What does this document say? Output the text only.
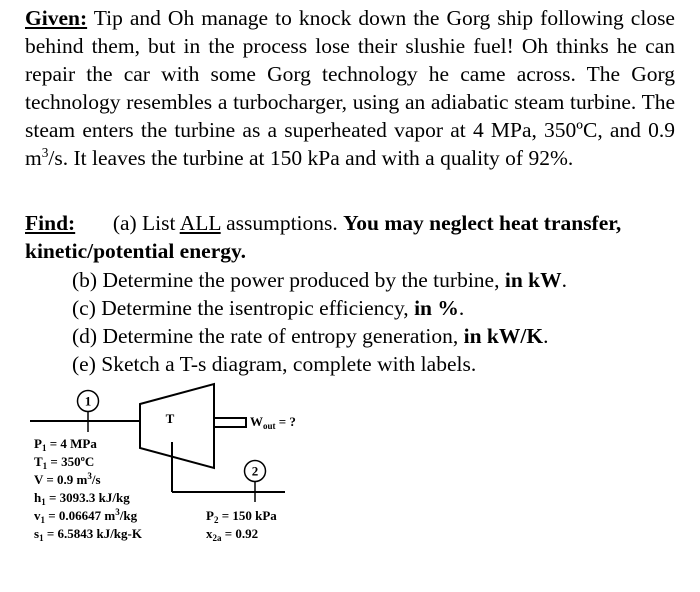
Given: Tip and Oh manage to knock down the Gorg ship following close behind them, but in the process lose their slushie fuel! Oh thinks he can repair the car with some Gorg technology he came across. The Gorg technology resembles a turbocharger, using an adiabatic steam turbine. The steam enters the turbine as a superheated vapor at 4 MPa, 350ºC, and 0.9 $m^3/s$. It leaves the turbine at 150 kPa and with a quality of 92%.
Find: (a) List ALL assumptions. You may neglect heat transfer, kinetic/potential energy.
(b) Determine the power produced by the turbine, in kW.
(c) Determine the isentropic efficiency, in %.
(d) Determine the rate of entropy generation, in kW/K.
(e) Sketch a T-s diagram, complete with labels.
1
T	$W_{out}$ = ?
2
$P_1 = 4$ MPa
$T_1$ = 350ºC
V = 0.9 $m^3/s$
$h_1 = 3093.3$ kJ/kg
$v_1 = 0.06647$ $m^3/kg$
$s_1 = 6.5843$ kJ/kg-K
$P_2 = 150$ kPa
$x_{2a} = 0.92$
